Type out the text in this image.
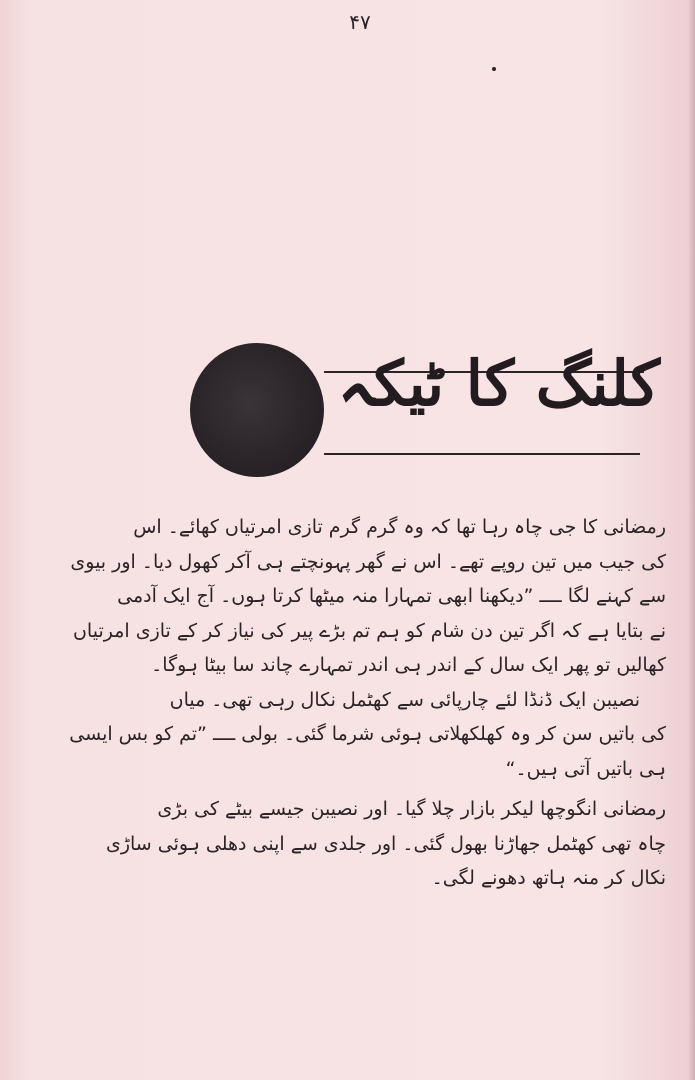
۴۷
کلنگ کا ٹیکہ
رمضانی کا جی چاہ رہا تھا کہ وہ گرم گرم تازی امرتیاں کھائے۔ اس
کی جیب میں تین روپے تھے۔ اس نے گھر پہونچتے ہی آکر کھول دیا۔ اور بیوی
سے کہنے لگا ــــ ”دیکھنا ابھی تمہارا منہ میٹھا کرتا ہوں۔ آج ایک آدمی
نے بتایا ہے کہ اگر تین دن شام کو ہم تم بڑے پیر کی نیاز کر کے تازی امرتیاں
کھالیں تو پھر ایک سال کے اندر ہی اندر تمہارے چاند سا بیٹا ہوگا۔
نصیبن ایک ڈنڈا لئے چارپائی سے کھٹمل نکال رہی تھی۔ میاں
کی باتیں سن کر وہ کھلکھلاتی ہوئی شرما گئی۔ بولی ــــ ”تم کو بس ایسی
ہی باتیں آتی ہیں۔“
رمضانی انگوچھا لیکر بازار چلا گیا۔ اور نصیبن جیسے بیٹے کی بڑی
چاہ تھی کھٹمل جھاڑنا بھول گئی۔ اور جلدی سے اپنی دھلی ہوئی ساڑی
نکال کر منہ ہاتھ دھونے لگی۔
